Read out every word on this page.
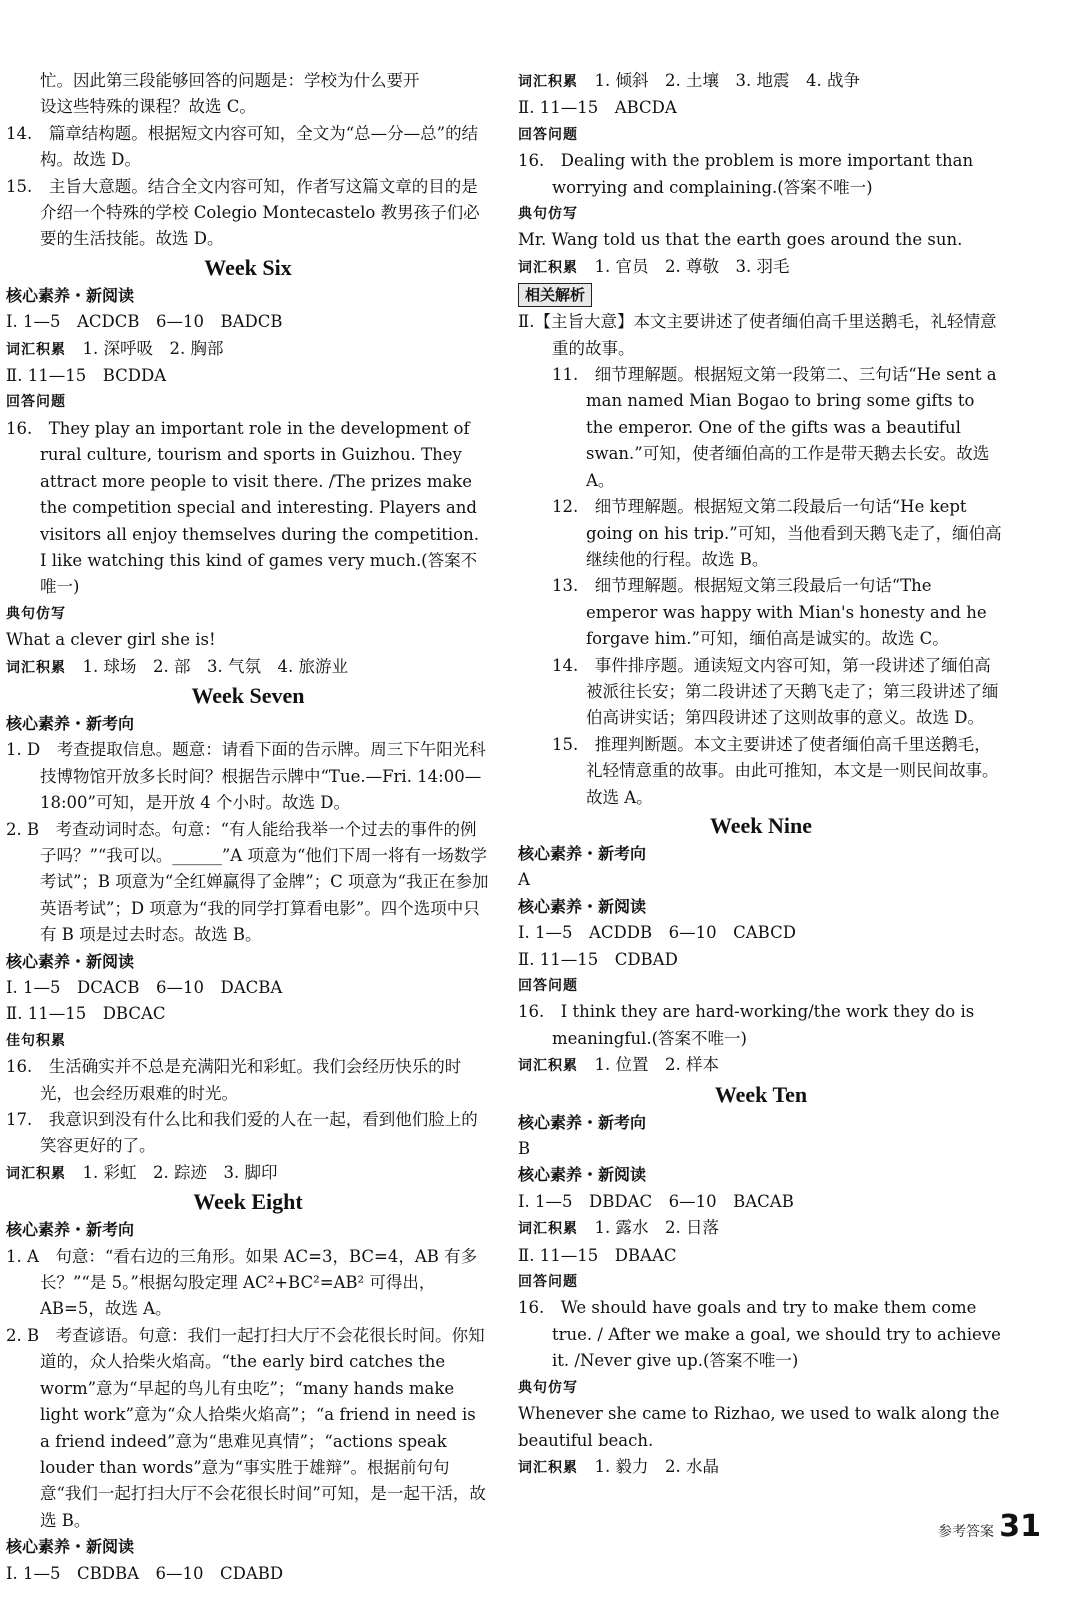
忙。因此第三段能够回答的问题是：学校为什么要开

设这些特殊的课程？故选 C。

14.　篇章结构题。根据短文内容可知，全文为“总—分—总”的结构。故选 D。

15.　主旨大意题。结合全文内容可知，作者写这篇文章的目的是介绍一个特殊的学校 Colegio Montecastelo 教男孩子们必要的生活技能。故选 D。

Week Six

核心素养・新阅读

Ⅰ. 1—5　ACDCB　6—10　BADCB

词汇积累　 1. 深呼吸　2. 胸部

Ⅱ. 11—15　BCDDA

回答问题

16.　They play an important role in the development of rural culture, tourism and sports in Guizhou. They attract more people to visit there. /The prizes make the competition special and interesting. Players and visitors all enjoy themselves during the competition. I like watching this kind of games very much.(答案不唯一)

典句仿写

What a clever girl she is!

词汇积累　 1. 球场　2. 部　3. 气氛　4. 旅游业

Week Seven

核心素养・新考向

1. D　考查提取信息。题意：请看下面的告示牌。周三下午阳光科技博物馆开放多长时间？根据告示牌中“Tue.—Fri. 14:00—18:00”可知，是开放 4 个小时。故选 D。

2. B　考查动词时态。句意：“有人能给我举一个过去的事件的例子吗？”“我可以。______”A 项意为“他们下周一将有一场数学考试”；B 项意为“全红婵赢得了金牌”；C 项意为“我正在参加英语考试”；D 项意为“我的同学打算看电影”。四个选项中只有 B 项是过去时态。故选 B。

核心素养・新阅读

Ⅰ. 1—5　DCACB　6—10　DACBA

Ⅱ. 11—15　DBCAC

佳句积累

16.　生活确实并不总是充满阳光和彩虹。我们会经历快乐的时光，也会经历艰难的时光。

17.　我意识到没有什么比和我们爱的人在一起，看到他们脸上的笑容更好的了。

词汇积累　 1. 彩虹　2. 踪迹　3. 脚印

Week Eight

核心素养・新考向

1. A　句意：“看右边的三角形。如果 AC=3，BC=4，AB 有多长？”“是 5。”根据勾股定理 AC²+BC²=AB² 可得出，AB=5，故选 A。

2. B　考查谚语。句意：我们一起打扫大厅不会花很长时间。你知道的，众人拾柴火焰高。“the early bird catches the worm”意为“早起的鸟儿有虫吃”；“many hands make light work”意为“众人拾柴火焰高”；“a friend in need is a friend indeed”意为“患难见真情”；“actions speak louder than words”意为“事实胜于雄辩”。根据前句句意“我们一起打扫大厅不会花很长时间”可知，是一起干活，故选 B。

核心素养・新阅读

Ⅰ. 1—5　CBDBA　6—10　CDABD

词汇积累　 1. 倾斜　2. 土壤　3. 地震　4. 战争

Ⅱ. 11—15　ABCDA

回答问题

16.　Dealing with the problem is more important than worrying and complaining.(答案不唯一)

典句仿写

Mr. Wang told us that the earth goes around the sun.

词汇积累　 1. 官员　2. 尊敬　3. 羽毛

相关解析

Ⅱ.【主旨大意】本文主要讲述了使者缅伯高千里送鹅毛，礼轻情意重的故事。

11.　细节理解题。根据短文第一段第二、三句话“He sent a man named Mian Bogao to bring some gifts to the emperor. One of the gifts was a beautiful swan.”可知，使者缅伯高的工作是带天鹅去长安。故选 A。

12.　细节理解题。根据短文第二段最后一句话“He kept going on his trip.”可知，当他看到天鹅飞走了，缅伯高继续他的行程。故选 B。

13.　细节理解题。根据短文第三段最后一句话“The emperor was happy with Mian's honesty and he forgave him.”可知，缅伯高是诚实的。故选 C。

14.　事件排序题。通读短文内容可知，第一段讲述了缅伯高被派往长安；第二段讲述了天鹅飞走了；第三段讲述了缅伯高讲实话；第四段讲述了这则故事的意义。故选 D。

15.　推理判断题。本文主要讲述了使者缅伯高千里送鹅毛，礼轻情意重的故事。由此可推知，本文是一则民间故事。故选 A。

Week Nine

核心素养・新考向

A

核心素养・新阅读

Ⅰ. 1—5　ACDDB　6—10　CABCD

Ⅱ. 11—15　CDBAD

回答问题

16.　I think they are hard-working/the work they do is meaningful.(答案不唯一)

词汇积累　 1. 位置　2. 样本

Week Ten

核心素养・新考向

B

核心素养・新阅读

Ⅰ. 1—5　DBDAC　6—10　BACAB

词汇积累　 1. 露水　2. 日落

Ⅱ. 11—15　DBAAC

回答问题

16.　We should have goals and try to make them come true. / After we make a goal, we should try to achieve it. /Never give up.(答案不唯一)

典句仿写

Whenever she came to Rizhao, we used to walk along the beautiful beach.

词汇积累　 1. 毅力　2. 水晶

参考答案 31
